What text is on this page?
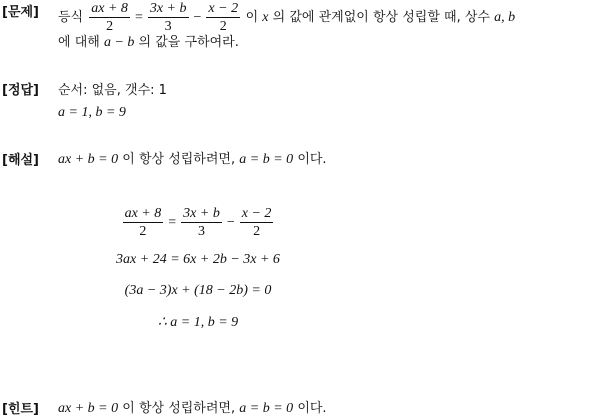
[문제] 등식 $\frac{ax + 8}{2} = \frac{3x + b}{3} - \frac{x - 2}{2}$ 이 x 의 값에 관계없이 항상 성립할 때, 상수 a, b
에 대해 a − b 의 값을 구하여라.
[정답] 순서: 없음, 갯수: 1
a = 1, b = 9
[해설] ax + b = 0 이 항상 성립하려면, a = b = 0 이다.
$\frac{ax + 8}{2} = \frac{3x + b}{3} - \frac{x - 2}{2}$
3ax + 24 = 6x + 2b − 3x + 6
(3a − 3)x + (18 − 2b) = 0
∴ a = 1, b = 9
[힌트] ax + b = 0 이 항상 성립하려면, a = b = 0 이다.
